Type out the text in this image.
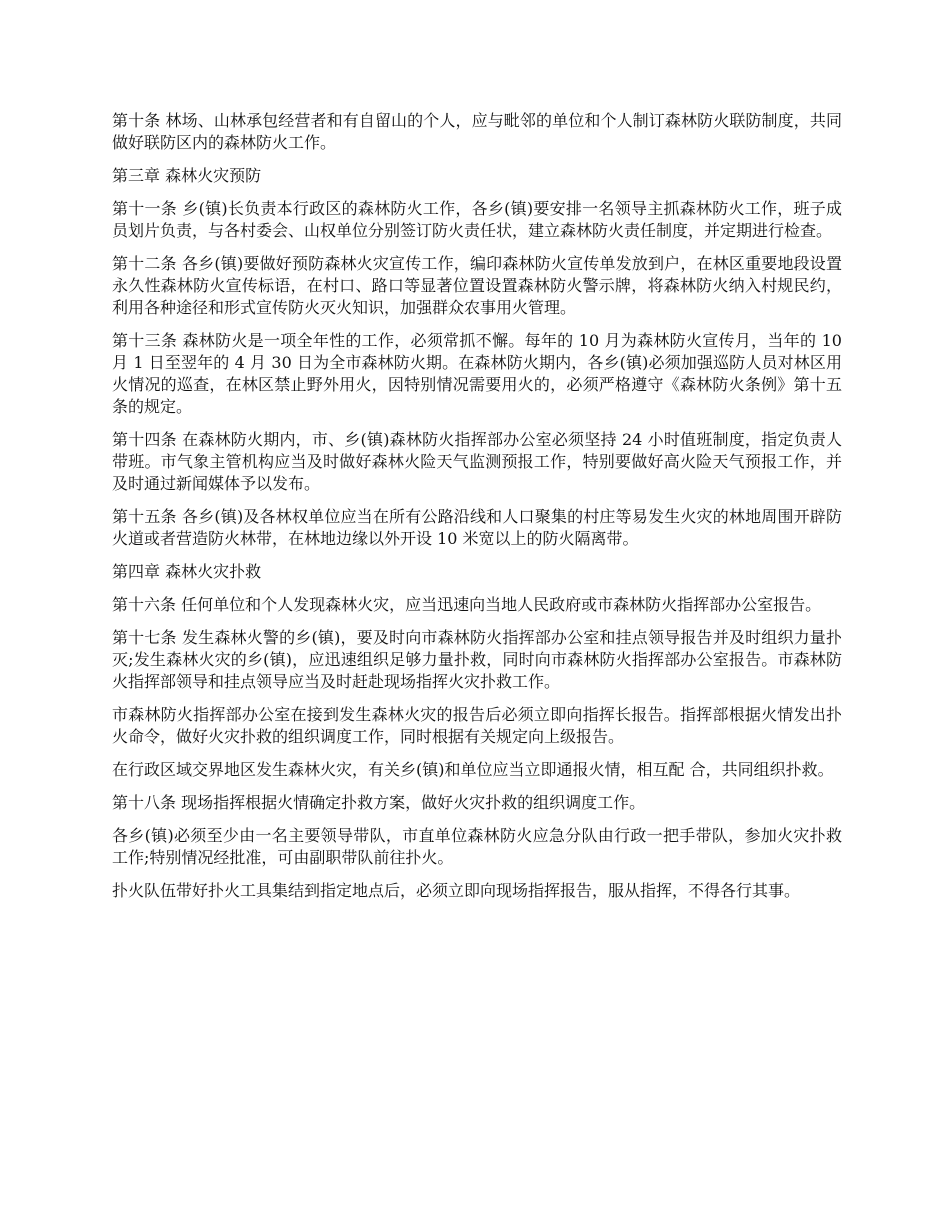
第十条 林场、山林承包经营者和有自留山的个人，应与毗邻的单位和个人制订森林防火联防制度，共同做好联防区内的森林防火工作。

第三章 森林火灾预防

第十一条 乡(镇)长负责本行政区的森林防火工作，各乡(镇)要安排一名领导主抓森林防火工作，班子成员划片负责，与各村委会、山权单位分别签订防火责任状，建立森林防火责任制度，并定期进行检查。

第十二条 各乡(镇)要做好预防森林火灾宣传工作，编印森林防火宣传单发放到户，在林区重要地段设置永久性森林防火宣传标语，在村口、路口等显著位置设置森林防火警示牌，将森林防火纳入村规民约，利用各种途径和形式宣传防火灭火知识，加强群众农事用火管理。

第十三条 森林防火是一项全年性的工作，必须常抓不懈。每年的 10 月为森林防火宣传月，当年的 10 月 1 日至翌年的 4 月 30 日为全市森林防火期。在森林防火期内，各乡(镇)必须加强巡防人员对林区用火情况的巡查，在林区禁止野外用火，因特别情况需要用火的，必须严格遵守《森林防火条例》第十五条的规定。

第十四条 在森林防火期内，市、乡(镇)森林防火指挥部办公室必须坚持 24 小时值班制度，指定负责人带班。市气象主管机构应当及时做好森林火险天气监测预报工作，特别要做好高火险天气预报工作，并及时通过新闻媒体予以发布。

第十五条 各乡(镇)及各林权单位应当在所有公路沿线和人口聚集的村庄等易发生火灾的林地周围开辟防火道或者营造防火林带，在林地边缘以外开设 10 米宽以上的防火隔离带。

第四章 森林火灾扑救

第十六条 任何单位和个人发现森林火灾，应当迅速向当地人民政府或市森林防火指挥部办公室报告。

第十七条 发生森林火警的乡(镇)，要及时向市森林防火指挥部办公室和挂点领导报告并及时组织力量扑灭;发生森林火灾的乡(镇)，应迅速组织足够力量扑救，同时向市森林防火指挥部办公室报告。市森林防火指挥部领导和挂点领导应当及时赶赴现场指挥火灾扑救工作。

市森林防火指挥部办公室在接到发生森林火灾的报告后必须立即向指挥长报告。指挥部根据火情发出扑火命令，做好火灾扑救的组织调度工作，同时根据有关规定向上级报告。

在行政区域交界地区发生森林火灾，有关乡(镇)和单位应当立即通报火情，相互配 合，共同组织扑救。

第十八条 现场指挥根据火情确定扑救方案，做好火灾扑救的组织调度工作。

各乡(镇)必须至少由一名主要领导带队，市直单位森林防火应急分队由行政一把手带队，参加火灾扑救工作;特别情况经批准，可由副职带队前往扑火。

扑火队伍带好扑火工具集结到指定地点后，必须立即向现场指挥报告，服从指挥，不得各行其事。
